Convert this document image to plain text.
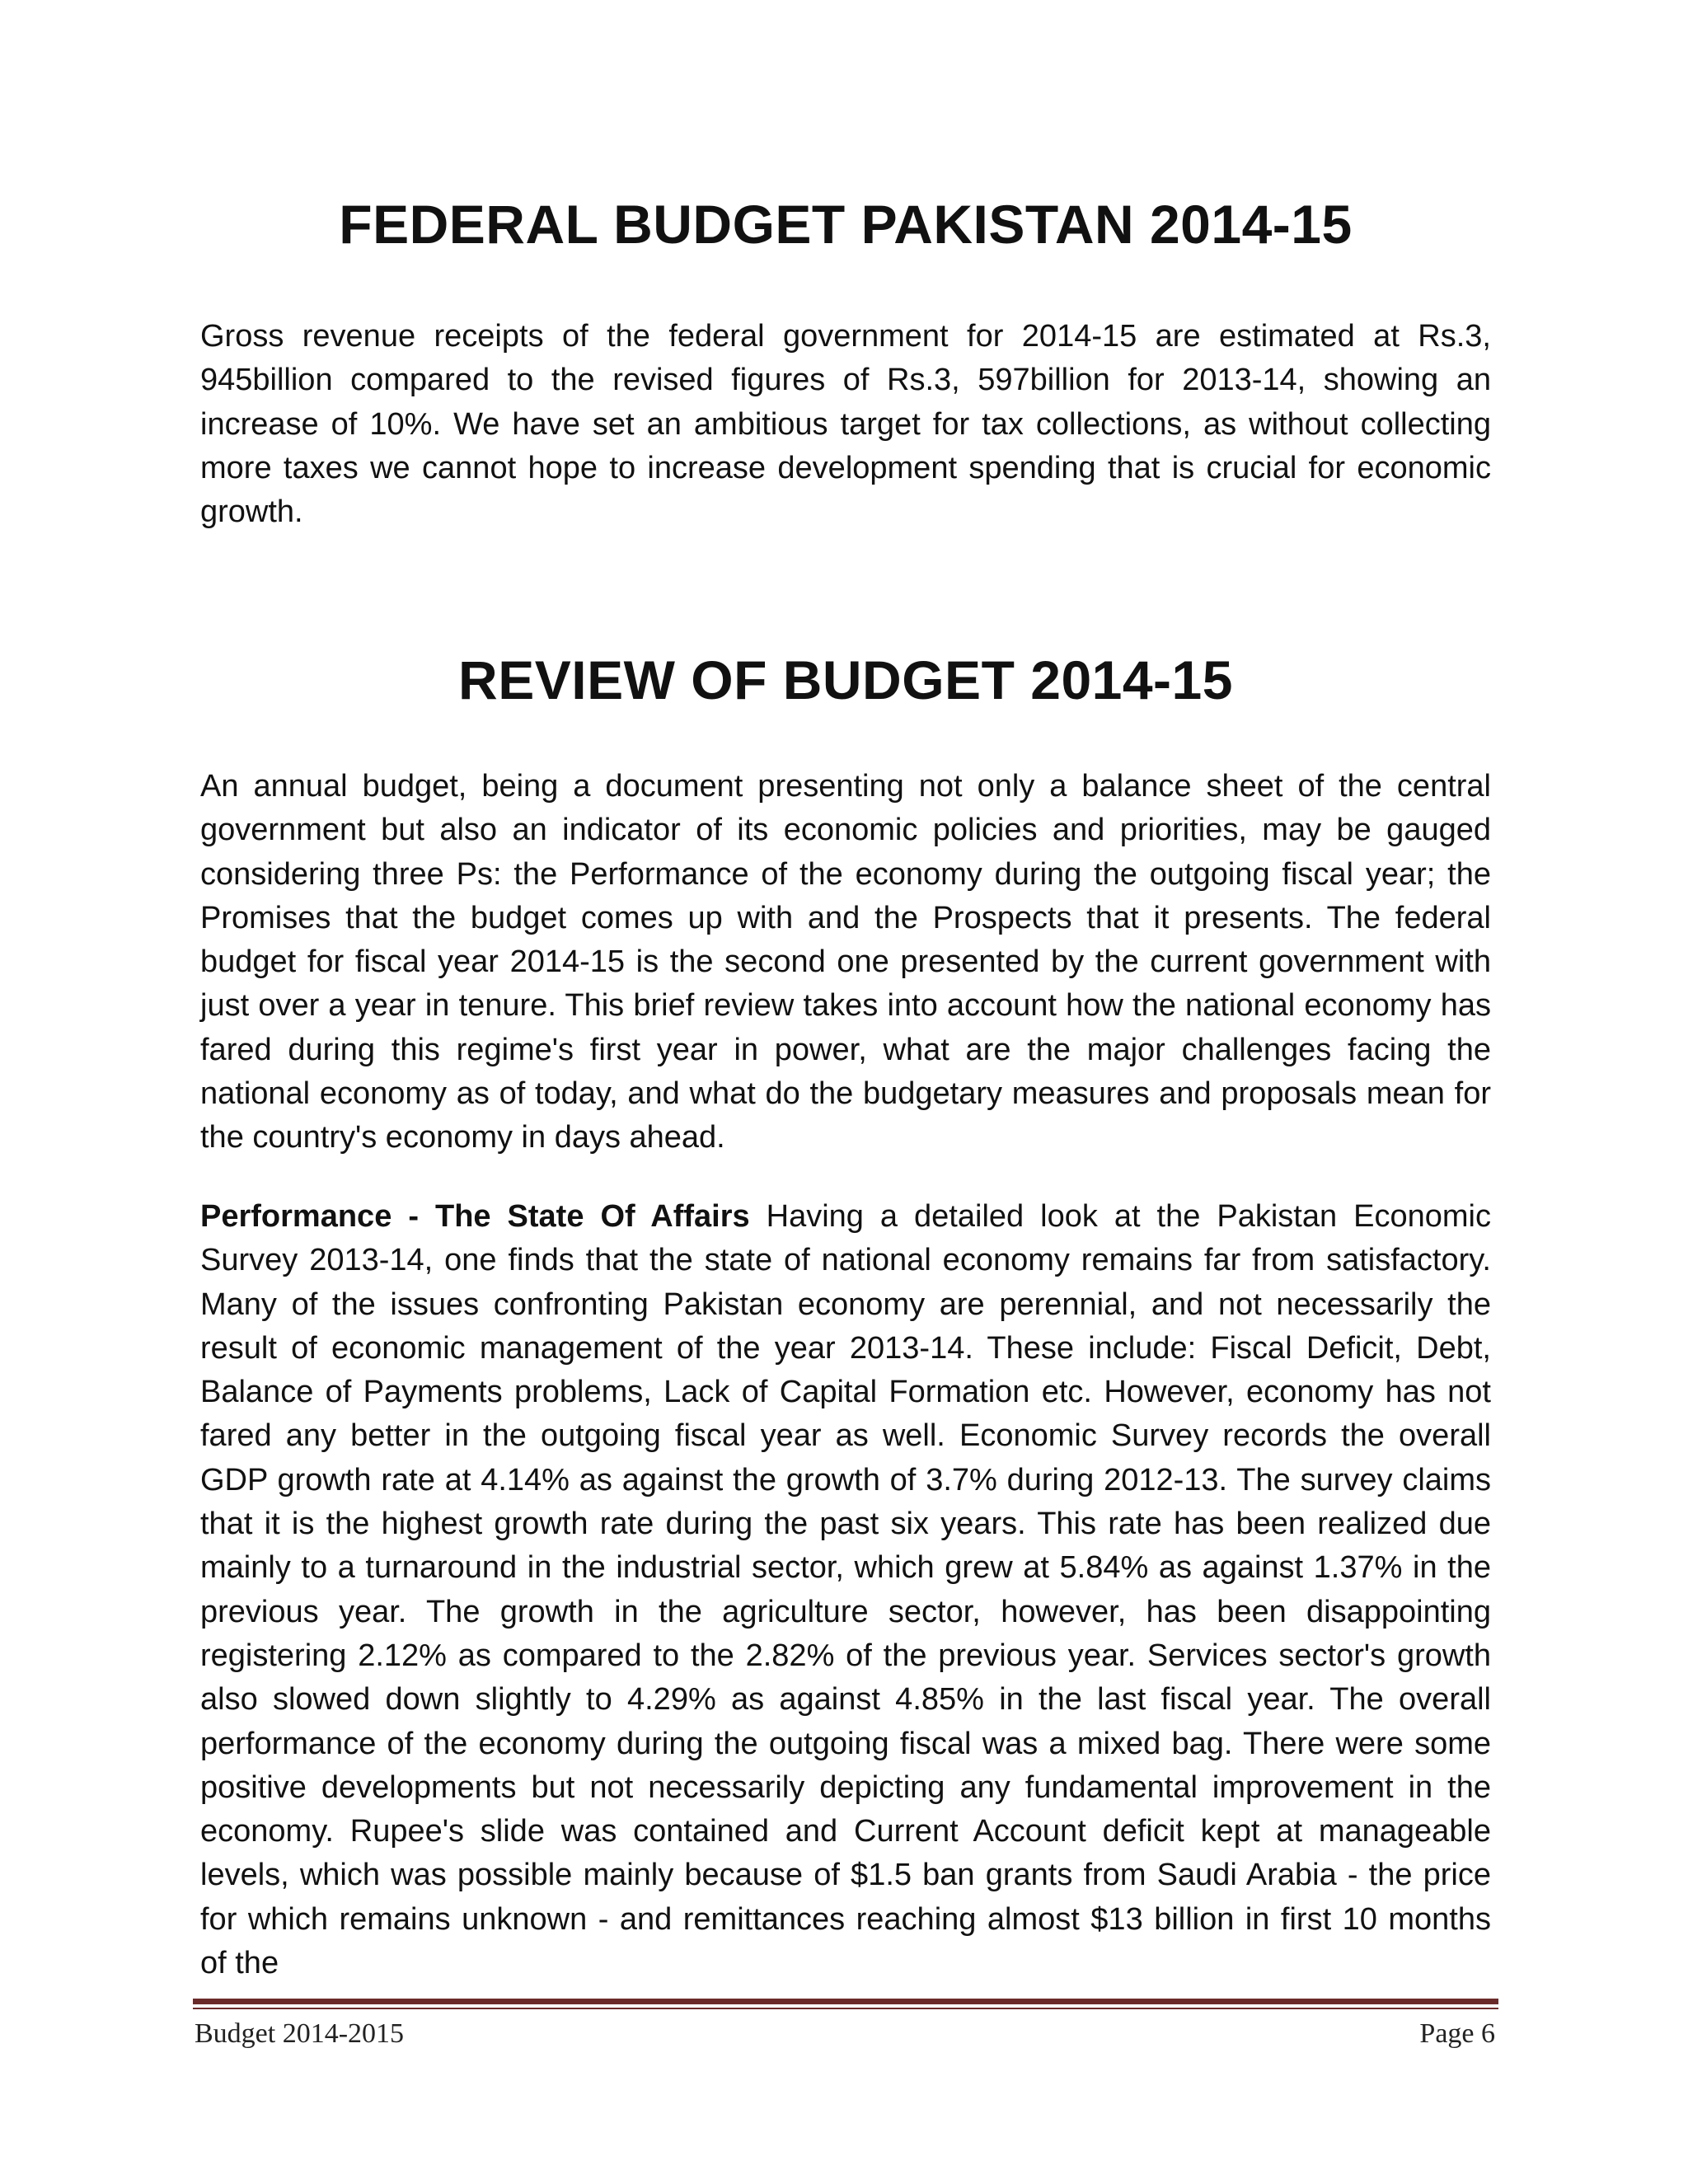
FEDERAL BUDGET PAKISTAN 2014-15

Gross revenue receipts of the federal government for 2014-15 are estimated at Rs.3, 945billion compared to the revised figures of Rs.3, 597billion for 2013-14, showing an increase of 10%. We have set an ambitious target for tax collections, as without collecting more taxes we cannot hope to increase development spending that is crucial for economic growth.

REVIEW OF BUDGET 2014-15

An annual budget, being a document presenting not only a balance sheet of the central government but also an indicator of its economic policies and priorities, may be gauged considering three Ps: the Performance of the economy during the outgoing fiscal year; the Promises that the budget comes up with and the Prospects that it presents. The federal budget for fiscal year 2014-15 is the second one presented by the current government with just over a year in tenure. This brief review takes into account how the national economy has fared during this regime's first year in power, what are the major challenges facing the national economy as of today, and what do the budgetary measures and proposals mean for the country's economy in days ahead.

Performance - The State Of Affairs Having a detailed look at the Pakistan Economic Survey 2013-14, one finds that the state of national economy remains far from satisfactory. Many of the issues confronting Pakistan economy are perennial, and not necessarily the result of economic management of the year 2013-14. These include: Fiscal Deficit, Debt, Balance of Payments problems, Lack of Capital Formation etc. However, economy has not fared any better in the outgoing fiscal year as well. Economic Survey records the overall GDP growth rate at 4.14% as against the growth of 3.7% during 2012-13. The survey claims that it is the highest growth rate during the past six years. This rate has been realized due mainly to a turnaround in the industrial sector, which grew at 5.84% as against 1.37% in the previous year. The growth in the agriculture sector, however, has been disappointing registering 2.12% as compared to the 2.82% of the previous year. Services sector's growth also slowed down slightly to 4.29% as against 4.85% in the last fiscal year. The overall performance of the economy during the outgoing fiscal was a mixed bag. There were some positive developments but not necessarily depicting any fundamental improvement in the economy. Rupee's slide was contained and Current Account deficit kept at manageable levels, which was possible mainly because of $1.5 ban grants from Saudi Arabia - the price for which remains unknown - and remittances reaching almost $13 billion in first 10 months of the

Budget 2014-2015	Page 6
